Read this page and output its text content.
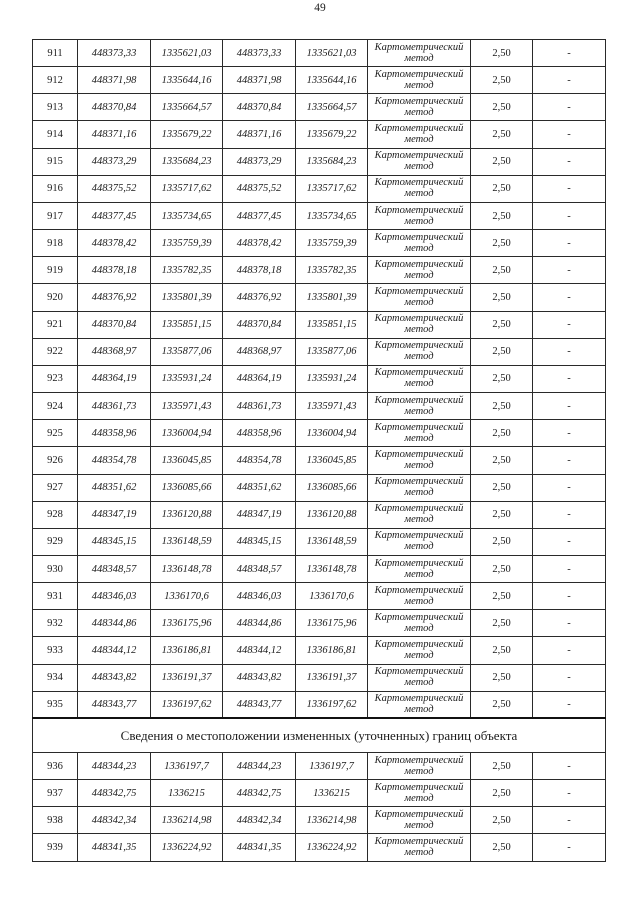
49
911	448373,33	1335621,03	448373,33	1335621,03	Картометрический метод	2,50	-
912	448371,98	1335644,16	448371,98	1335644,16	Картометрический метод	2,50	-
913	448370,84	1335664,57	448370,84	1335664,57	Картометрический метод	2,50	-
914	448371,16	1335679,22	448371,16	1335679,22	Картометрический метод	2,50	-
915	448373,29	1335684,23	448373,29	1335684,23	Картометрический метод	2,50	-
916	448375,52	1335717,62	448375,52	1335717,62	Картометрический метод	2,50	-
917	448377,45	1335734,65	448377,45	1335734,65	Картометрический метод	2,50	-
918	448378,42	1335759,39	448378,42	1335759,39	Картометрический метод	2,50	-
919	448378,18	1335782,35	448378,18	1335782,35	Картометрический метод	2,50	-
920	448376,92	1335801,39	448376,92	1335801,39	Картометрический метод	2,50	-
921	448370,84	1335851,15	448370,84	1335851,15	Картометрический метод	2,50	-
922	448368,97	1335877,06	448368,97	1335877,06	Картометрический метод	2,50	-
923	448364,19	1335931,24	448364,19	1335931,24	Картометрический метод	2,50	-
924	448361,73	1335971,43	448361,73	1335971,43	Картометрический метод	2,50	-
925	448358,96	1336004,94	448358,96	1336004,94	Картометрический метод	2,50	-
926	448354,78	1336045,85	448354,78	1336045,85	Картометрический метод	2,50	-
927	448351,62	1336085,66	448351,62	1336085,66	Картометрический метод	2,50	-
928	448347,19	1336120,88	448347,19	1336120,88	Картометрический метод	2,50	-
929	448345,15	1336148,59	448345,15	1336148,59	Картометрический метод	2,50	-
930	448348,57	1336148,78	448348,57	1336148,78	Картометрический метод	2,50	-
931	448346,03	1336170,6	448346,03	1336170,6	Картометрический метод	2,50	-
932	448344,86	1336175,96	448344,86	1336175,96	Картометрический метод	2,50	-
933	448344,12	1336186,81	448344,12	1336186,81	Картометрический метод	2,50	-
934	448343,82	1336191,37	448343,82	1336191,37	Картометрический метод	2,50	-
935	448343,77	1336197,62	448343,77	1336197,62	Картометрический метод	2,50	-
Сведения о местоположении измененных (уточненных) границ объекта							
936	448344,23	1336197,7	448344,23	1336197,7	Картометрический метод	2,50	-
937	448342,75	1336215	448342,75	1336215	Картометрический метод	2,50	-
938	448342,34	1336214,98	448342,34	1336214,98	Картометрический метод	2,50	-
939	448341,35	1336224,92	448341,35	1336224,92	Картометрический метод	2,50	-
